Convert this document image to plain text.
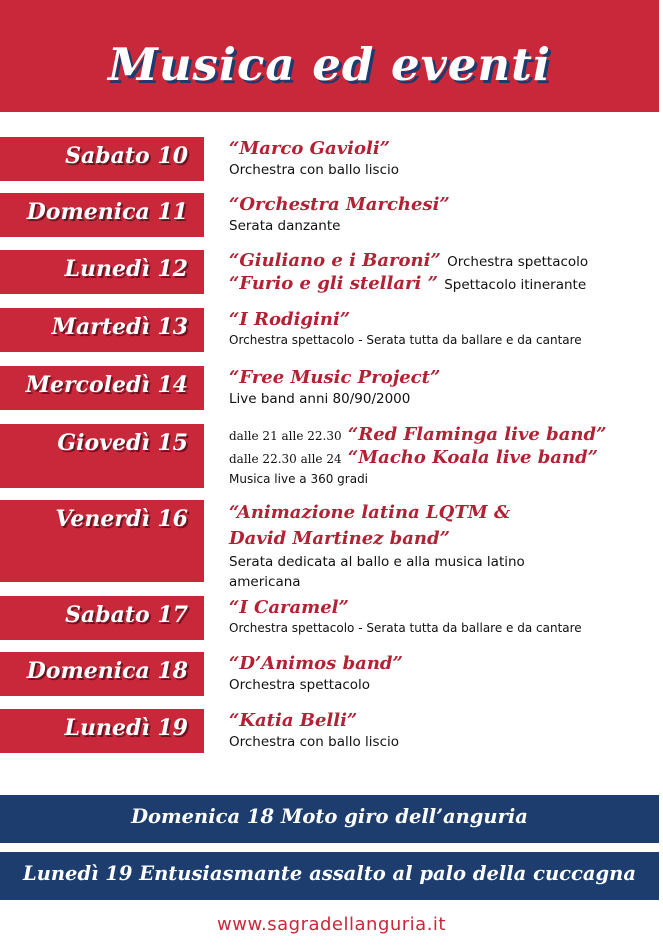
Musica ed eventi
Sabato 10 “Marco Gavioli”
Orchestra con ballo liscio
Domenica 11 “Orchestra Marchesi”
Serata danzante
Lunedì 12 “Giuliano e i Baroni” Orchestra spettacolo
“Furio e gli stellari ” Spettacolo itinerante
Martedì 13 “I Rodigini”
Orchestra spettacolo - Serata tutta da ballare e da cantare
Mercoledì 14 “Free Music Project”
Live band anni 80/90/2000
Giovedì 15	dalle 21 alle 22.30 “Red Flaminga live band”
dalle 22.30 alle 24 “Macho Koala live band”
Musica live a 360 gradi
Venerdì 16 “Animazione latina LQTM &
David Martinez band”
Serata dedicata al ballo e alla musica latino
americana
Sabato 17 “I Caramel”
Orchestra spettacolo - Serata tutta da ballare e da cantare
Domenica 18 “D’Animos band”
Orchestra spettacolo
Lunedì 19 “Katia Belli”
Orchestra con ballo liscio
Domenica 18 Moto giro dell’anguria
Lunedì 19 Entusiasmante assalto al palo della cuccagna
www.sagradellanguria.it
